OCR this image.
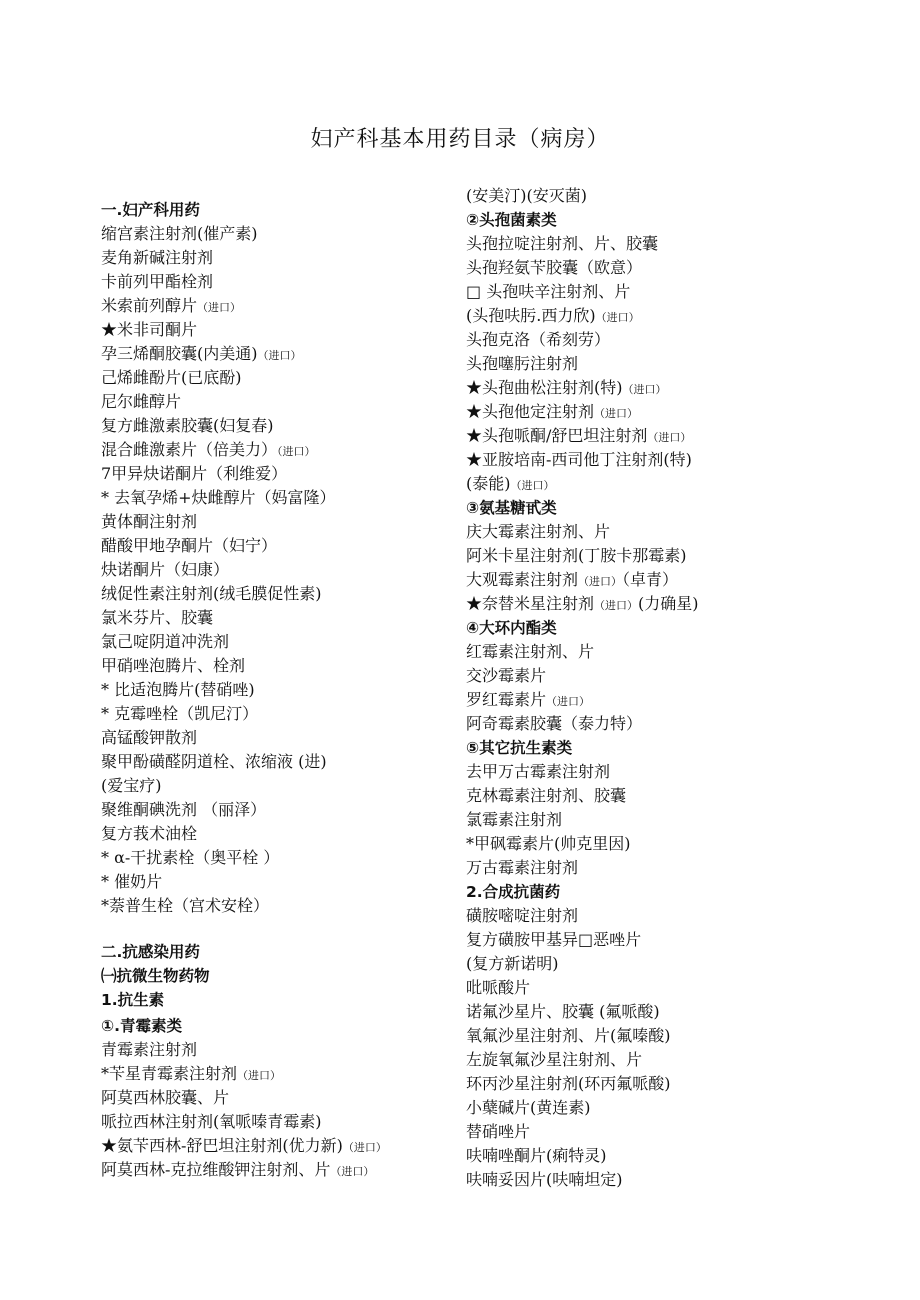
妇产科基本用药目录（病房）
一.妇产科用药
缩宫素注射剂(催产素)
麦角新碱注射剂
卡前列甲酯栓剂
米索前列醇片（进口）
★米非司酮片
孕三烯酮胶囊(内美通)（进口）
己烯雌酚片(已底酚)
尼尔雌醇片
复方雌激素胶囊(妇复春)
混合雌激素片（倍美力）（进口）
7甲异炔诺酮片（利维爱）
* 去氧孕烯+炔雌醇片（妈富隆）
黄体酮注射剂
醋酸甲地孕酮片（妇宁）
炔诺酮片（妇康）
绒促性素注射剂(绒毛膜促性素)
氯米芬片、胶囊
氯己啶阴道冲洗剂
甲硝唑泡腾片、栓剂
* 比适泡腾片(替硝唑)
* 克霉唑栓（凯尼汀）
高锰酸钾散剂
聚甲酚磺醛阴道栓、浓缩液 (进)
(爱宝疗)
聚维酮碘洗剂 （丽泽）
复方莪术油栓
* α-干扰素栓（奥平栓 ）
* 催奶片
*萘普生栓（宫术安栓）
二.抗感染用药
㈠抗微生物药物
1.抗生素
①.青霉素类
青霉素注射剂
*苄星青霉素注射剂（进口）
阿莫西林胶囊、片
哌拉西林注射剂(氧哌嗪青霉素)
★氨苄西林-舒巴坦注射剂(优力新)（进口）
阿莫西林-克拉维酸钾注射剂、片（进口）
(安美汀)(安灭菌)
②头孢菌素类
头孢拉啶注射剂、片、胶囊
头孢羟氨苄胶囊（欧意）
□ 头孢呋辛注射剂、片
(头孢呋肟.西力欣)（进口）
头孢克洛（希刻劳）
头孢噻肟注射剂
★头孢曲松注射剂(特)（进口）
★头孢他定注射剂（进口）
★头孢哌酮/舒巴坦注射剂（进口）
★亚胺培南-西司他丁注射剂(特)
(泰能)（进口）
③氨基糖甙类
庆大霉素注射剂、片
阿米卡星注射剂(丁胺卡那霉素)
大观霉素注射剂（进口）（卓青）
★奈替米星注射剂（进口）(力确星)
④大环内酯类
红霉素注射剂、片
交沙霉素片
罗红霉素片（进口）
阿奇霉素胶囊（泰力特）
⑤其它抗生素类
去甲万古霉素注射剂
克林霉素注射剂、胶囊
氯霉素注射剂
*甲砜霉素片(帅克里因)
万古霉素注射剂
2.合成抗菌药
磺胺嘧啶注射剂
复方磺胺甲基异□恶唑片
(复方新诺明)
吡哌酸片
诺氟沙星片、胶囊 (氟哌酸)
氧氟沙星注射剂、片(氟嗪酸)
左旋氧氟沙星注射剂、片
环丙沙星注射剂(环丙氟哌酸)
小蘖碱片(黄连素)
替硝唑片
呋喃唑酮片(痢特灵)
呋喃妥因片(呋喃坦定)
